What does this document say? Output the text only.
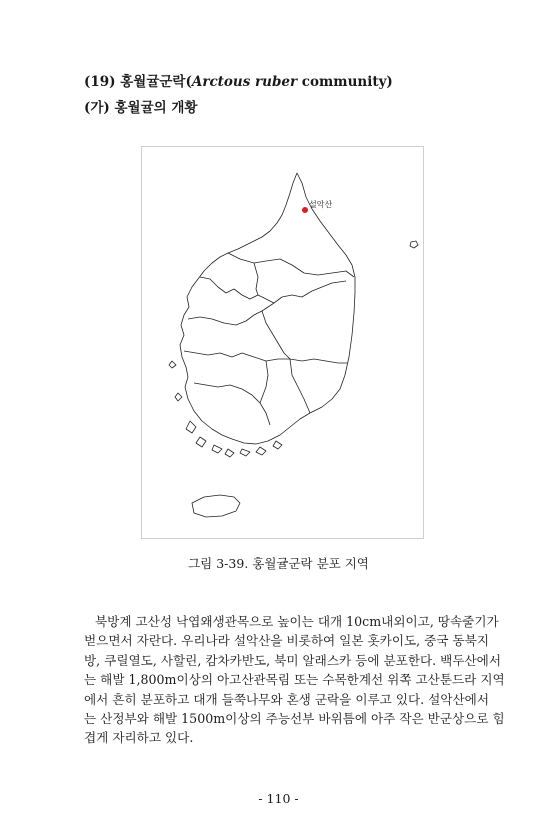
(19) 홍월귤군락(Arctous ruber community)
(가) 홍월귤의 개황
설악산
그림 3-39. 홍월귤군락 분포 지역

북방계 고산성 낙엽왜생관목으로 높이는 대개 10cm내외이고, 땅속줄기가
벋으면서 자란다. 우리나라 설악산을 비롯하여 일본 홋카이도, 중국 동북지
방, 쿠릴열도, 사할린, 캄차카반도, 북미 알래스카 등에 분포한다. 백두산에서
는 해발 1,800m이상의 아고산관목림 또는 수목한계선 위쪽 고산툰드라 지역
에서 흔히 분포하고 대개 들쭉나무와 혼생 군락을 이루고 있다. 설악산에서
는 산정부와 해발 1500m이상의 주능선부 바위틈에 아주 작은 반군상으로 힘
겹게 자리하고 있다.

- 110 -
